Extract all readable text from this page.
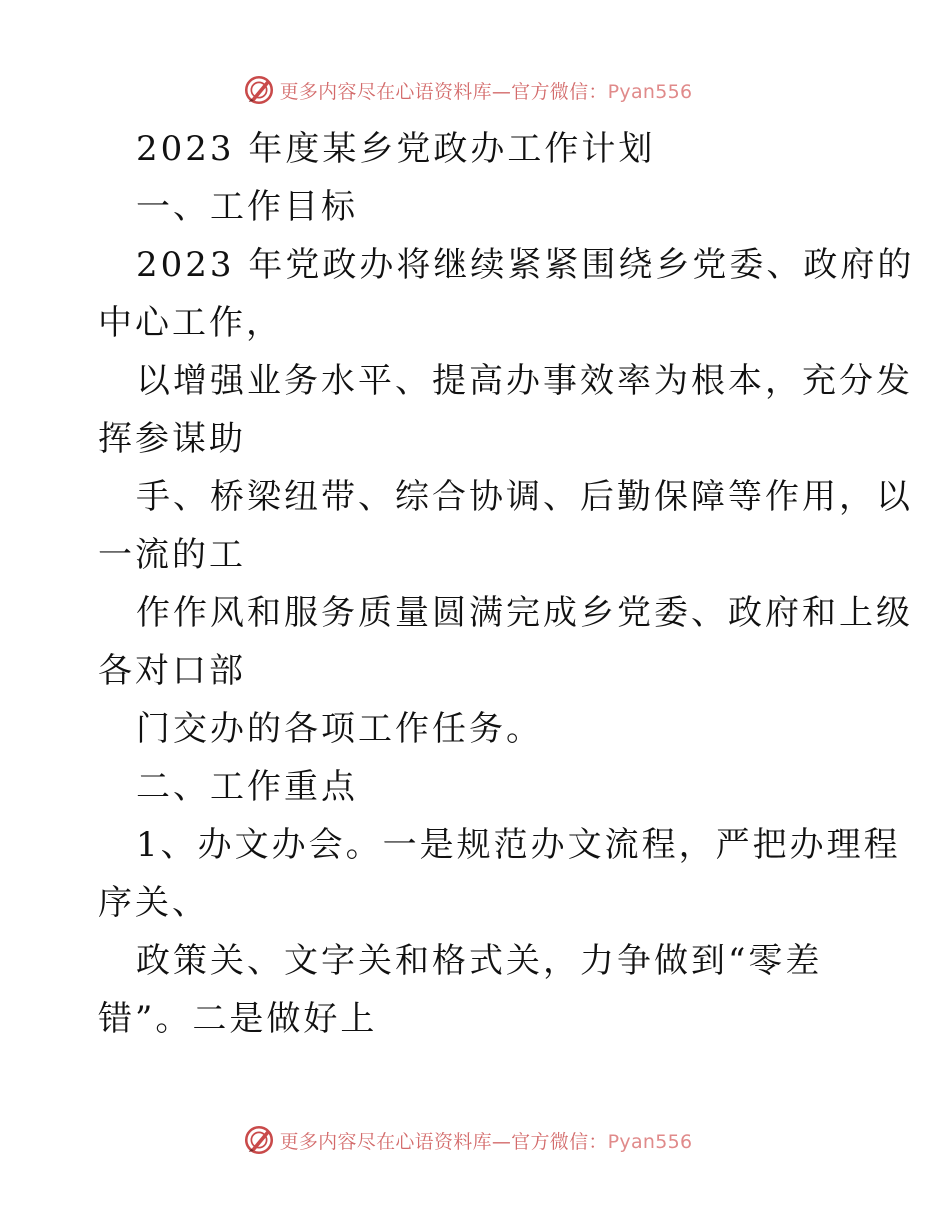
更多内容尽在心语资料库—官方微信：Pyan556
2023 年度某乡党政办工作计划
一、工作目标
2023 年党政办将继续紧紧围绕乡党委、政府的
中心工作，
以增强业务水平、提高办事效率为根本，充分发
挥参谋助
手、桥梁纽带、综合协调、后勤保障等作用，以
一流的工
作作风和服务质量圆满完成乡党委、政府和上级
各对口部
门交办的各项工作任务。
二、工作重点
1、办文办会。一是规范办文流程，严把办理程
序关、
政策关、文字关和格式关，力争做到“零差
错”。二是做好上
更多内容尽在心语资料库—官方微信：Pyan556
